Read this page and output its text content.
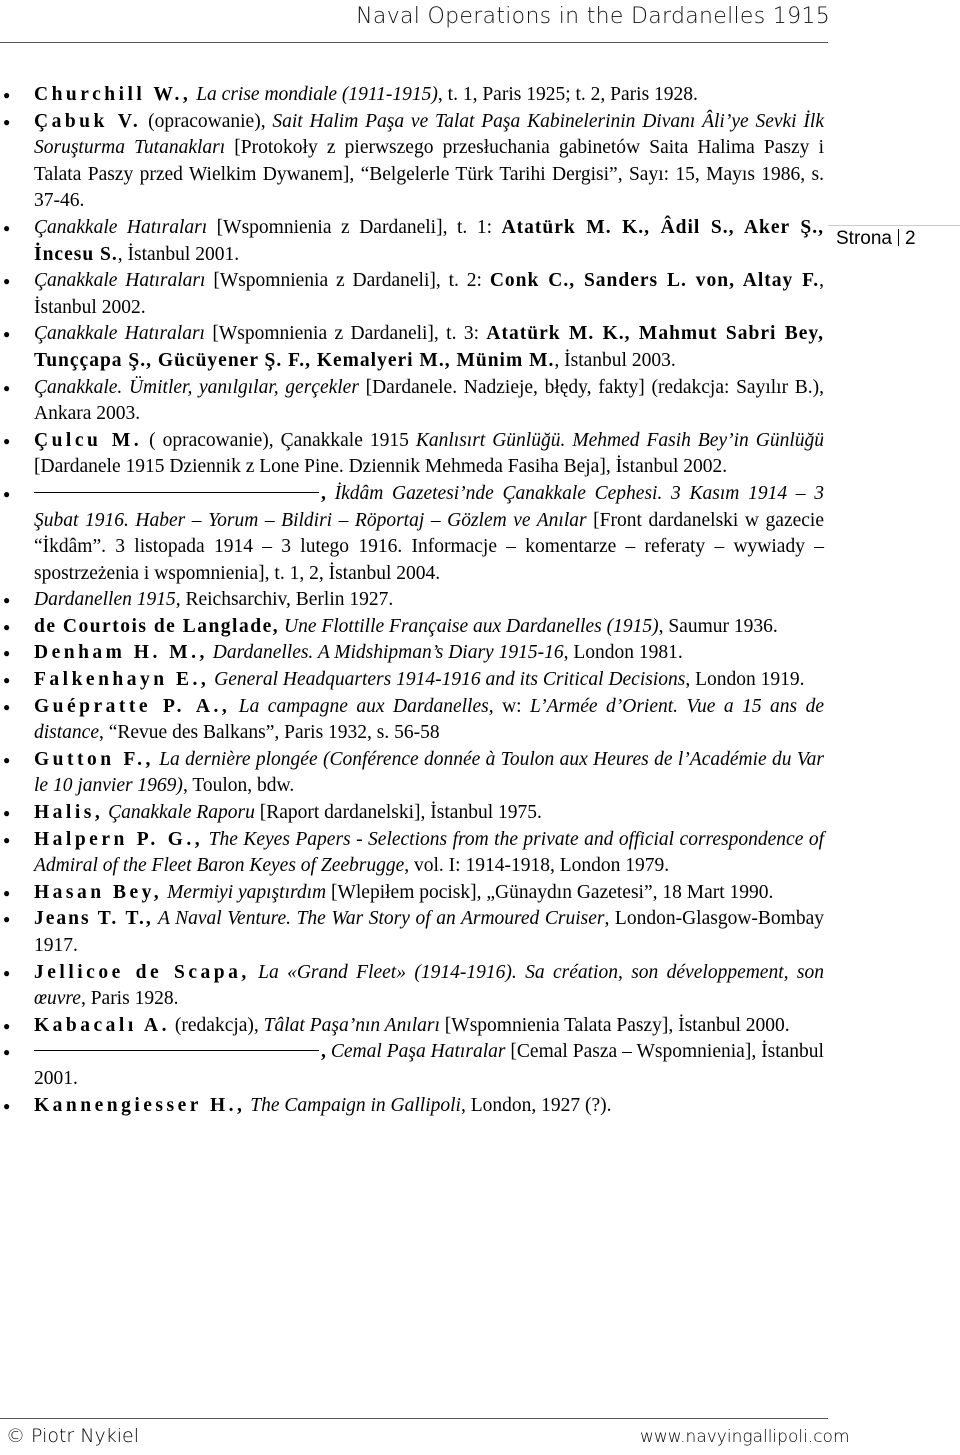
Naval Operations in the Dardanelles 1915
Strona 2
● Churchill W., La crise mondiale (1911-1915), t. 1, Paris 1925; t. 2, Paris 1928.
● Çabuk V. (opracowanie), Sait Halim Paşa ve Talat Paşa Kabinelerinin Divanı Âli’ye Sevki İlk Soruşturma Tutanakları [Protokoły z pierwszego przesłuchania gabinetów Saita Halima Paszy i Talata Paszy przed Wielkim Dywanem], “Belgelerle Türk Tarihi Dergisi”, Sayı: 15, Mayıs 1986, s. 37-46.
● Çanakkale Hatıraları [Wspomnienia z Dardaneli], t. 1: Atatürk M. K., Âdil S., Aker Ş., İncesu S., İstanbul 2001.
● Çanakkale Hatıraları [Wspomnienia z Dardaneli], t. 2: Conk C., Sanders L. von, Altay F., İstanbul 2002.
● Çanakkale Hatıraları [Wspomnienia z Dardaneli], t. 3: Atatürk M. K., Mahmut Sabri Bey, Tunççapa Ş., Gücüyener Ş. F., Kemalyeri M., Münim M., İstanbul 2003.
● Çanakkale. Ümitler, yanılgılar, gerçekler [Dardanele. Nadzieje, błędy, fakty] (redakcja: Sayılır B.), Ankara 2003.
● Çulcu M. ( opracowanie), Çanakkale 1915 Kanlısırt Günlüğü. Mehmed Fasih Bey’in Günlüğü [Dardanele 1915 Dziennik z Lone Pine. Dziennik Mehmeda Fasiha Beja], İstanbul 2002.
● , İkdâm Gazetesi’nde Çanakkale Cephesi. 3 Kasım 1914 – 3 Şubat 1916. Haber – Yorum – Bildiri – Röportaj – Gözlem ve Anılar [Front dardanelski w gazecie “İkdâm”. 3 listopada 1914 – 3 lutego 1916. Informacje – komentarze – referaty – wywiady – spostrzeżenia i wspomnienia], t. 1, 2, İstanbul 2004.
● Dardanellen 1915, Reichsarchiv, Berlin 1927.
● de Courtois de Langlade, Une Flottille Française aux Dardanelles (1915), Saumur 1936.
● Denham H. M., Dardanelles. A Midshipman’s Diary 1915-16, London 1981.
● Falkenhayn E., General Headquarters 1914-1916 and its Critical Decisions, London 1919.
● Guépratte P. A., La campagne aux Dardanelles, w: L’Armée d’Orient. Vue a 15 ans de distance, “Revue des Balkans”, Paris 1932, s. 56-58
● Gutton F., La dernière plongée (Conférence donnée à Toulon aux Heures de l’Académie du Var le 10 janvier 1969), Toulon, bdw.
● Halis, Çanakkale Raporu [Raport dardanelski], İstanbul 1975.
● Halpern P. G., The Keyes Papers - Selections from the private and official correspondence of Admiral of the Fleet Baron Keyes of Zeebrugge, vol. I: 1914-1918, London 1979.
● Hasan Bey, Mermiyi yapıştırdım [Wlepiłem pocisk], „Günaydın Gazetesi”, 18 Mart 1990.
● Jeans T. T., A Naval Venture. The War Story of an Armoured Cruiser, London-Glasgow-Bombay 1917.
● Jellicoe de Scapa, La «Grand Fleet» (1914-1916). Sa création, son développement, son œuvre, Paris 1928.
● Kabacalı A. (redakcja), Tâlat Paşa’nın Anıları [Wspomnienia Talata Paszy], İstanbul 2000.
● , Cemal Paşa Hatıralar [Cemal Pasza – Wspomnienia], İstanbul 2001.
● Kannengiesser H., The Campaign in Gallipoli, London, 1927 (?).
© Piotr Nykiel	www.navyingallipoli.com
